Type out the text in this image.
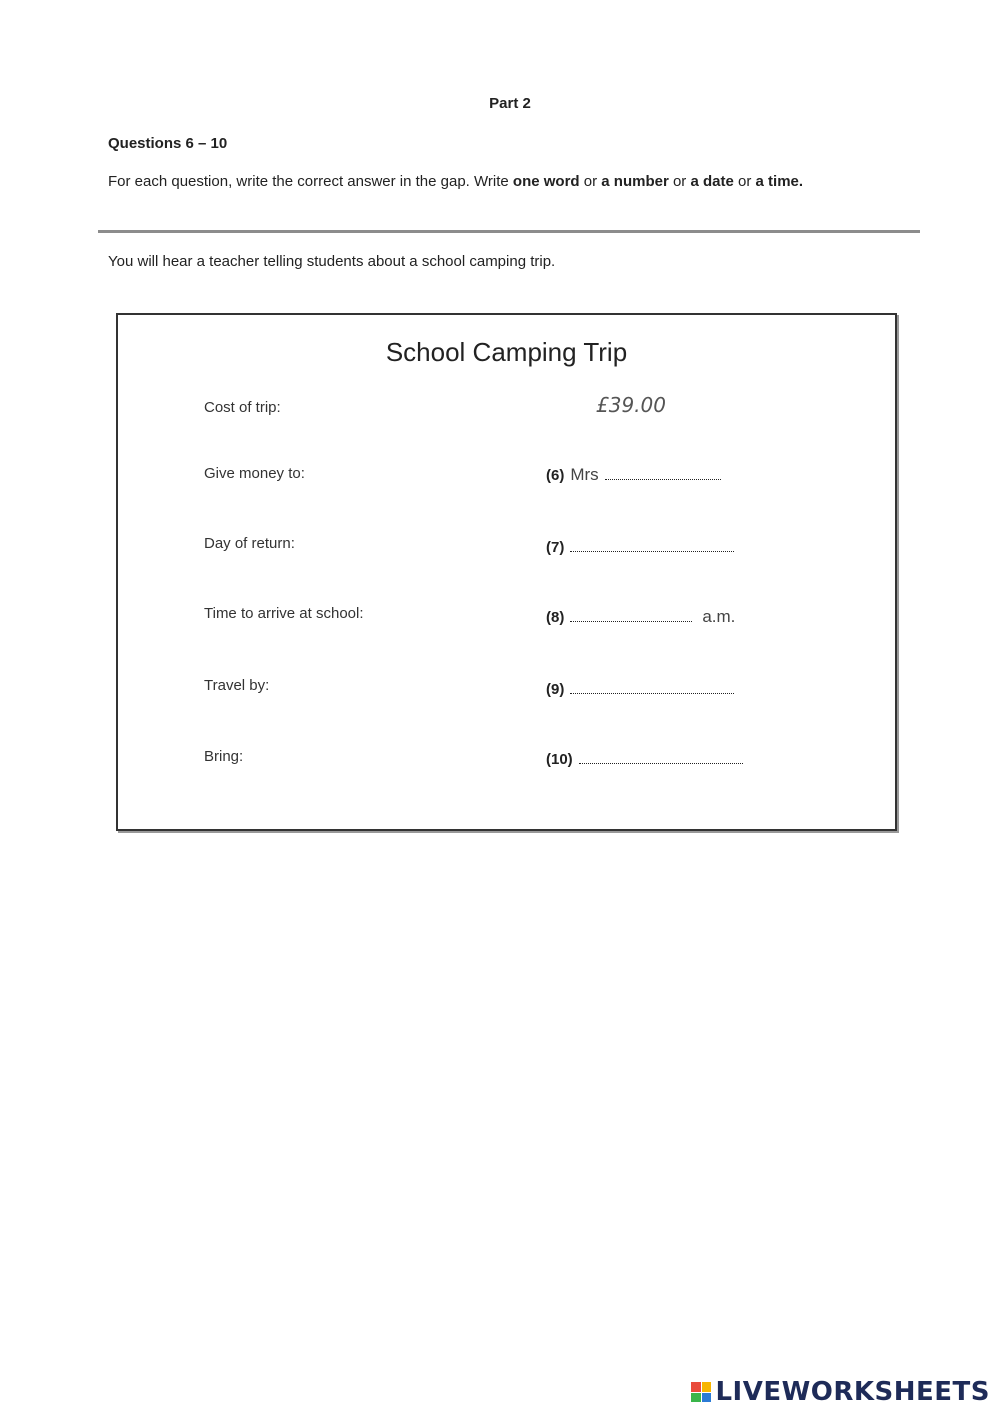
Part 2
Questions 6 – 10
For each question, write the correct answer in the gap. Write one word or a number or a date or a time.
You will hear a teacher telling students about a school camping trip.
School Camping Trip
Cost of trip:	£39.00
Give money to:	(6) Mrs
Day of return:	(7)
Time to arrive at school:	(8)	a.m.
Travel by:	(9)
Bring:	(10)
LIVEWORKSHEETS
